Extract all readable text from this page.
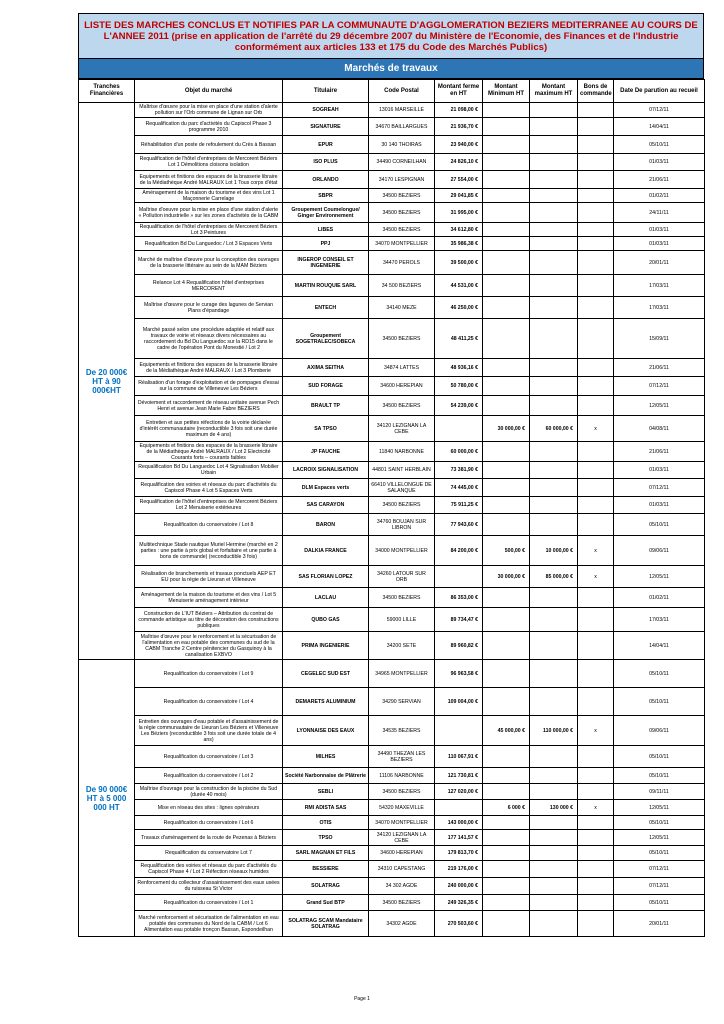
LISTE DES MARCHES CONCLUS ET NOTIFIES PAR LA COMMUNAUTE D'AGGLOMERATION BEZIERS MEDITERRANEE AU COURS DE L'ANNEE 2011 (prise en application de l'arrêté du 29 décembre 2007 du Ministère de l'Economie, des Finances et de l'Industrie conformément aux articles 133 et 175 du Code des Marchés Publics)
Marchés de travaux
Tranches Financières	Objet du marché	Titulaire	Code Postal	Montant ferme en HT	Montant Minimum HT	Montant maximum HT	Bons de commande	Date De parution au recueil
De 20 000€ HT à 90 000€HT	Maîtrise d'œuvre pour la mise en place d'une station d'alerte pollution sur l'Orb commune de Lignan sur Orb	SOGREAH	13016 MARSEILLE	21 098,00 €				07/12/11
	Requalification du parc d'activités du Capiscol Phase 3 programme 2010	SIGNATURE	34670 BAILLARGUES	21 936,70 €				14/04/11
	Réhabilitation d'un poste de refoulement du Crès à Bassan	EPUR	30 140 THOIRAS	23 940,00 €				05/10/11
	Requalification de l'hôtel d'entreprises de Mercorent Béziers Lot 1 Démolitions cloisons isolation	ISO PLUS	34490 CORNEILHAN	24 826,10 €				01/03/11
	Equipements et finitions des espaces de la brasserie libraire de la Médiathèque André MALRAUX Lot 1 Tous corps d'état	ORLANDO	34170 LESPIGNAN	27 554,00 €				21/06/11
	Aménagement de la maison du tourisme et des vins Lot 1 Maçonnerie Carrelage	SBPR	34500 BEZIERS	29 041,85 €				01/02/11
	Maîtrise d'oeuvre pour la mise en place d'une station d'alerte « Pollution industrielle » sur les zones d'activités de la CABM	Groupement Coumelongue/ Ginger Environnement	34500 BEZIERS	31 995,00 €				24/11/11
	Requalification de l'hôtel d'entreprises de Mercorent Béziers Lot 3 Peintures	LIBES	34500 BEZIERS	34 612,80 €				01/03/11
	Requalification Bd Du Languedoc / Lot 3 Espaces Verts	PPJ	34070 MONTPELLIER	35 986,38 €				01/03/11
	Marché de maîtrise d'œuvre pour la conception des ouvrages de la brasserie littéraire au sein de la MAM Béziers	INGEROP CONSEIL ET INGENIERIE	34470 PEROLS	39 500,00 €				20/01/11
	Relance Lot 4 Requalification hôtel d'entreprises MERCORENT	MARTIN ROUQUIE SARL	34 500 BEZIERS	44 531,00 €				17/03/11
	Maîtrise d'œuvre pour le curage des lagunes de Servian Plans d'épandage	ENTECH	34140 MEZE	46 250,00 €				17/03/11
	Marché passé selon une procédure adaptée et relatif aux travaux de voirie et réseaux divers nécessaires au raccordement du Bd Du Languedoc sur la RD15 dans le cadre de l'opération Pont du Monestié / Lot 2	Groupement SOGETRALEC/SOBECA	34500 BEZIERS	48 411,25 €				15/09/11
	Equipements et finitions des espaces de la brasserie libraire de la Médiathèque André MALRAUX / Lot 3 Plomberie	AXIMA SEITHA	34874 LATTES	48 936,16 €				21/06/11
	Réalisation d'un forage d'exploitation et de pompages d'essai sur la commune de Villeneuve Les Béziers	SUD FORAGE	34600 HEREPIAN	50 780,00 €				07/12/11
	Dévoiement et raccordement de réseau unitaire avenue Pech Henri et avenue Jean Marie Fabre BEZIERS	BRAULT TP	34500 BEZIERS	54 239,00 €				12/05/11
	Entretien et aux petites réfections de la voirie déclarée d'intérêt communautaire (reconductible 3 fois soit une durée maximum de 4 ans)	SA TPSO	34120 LEZIGNAN LA CEBE		30 000,00 €	60 000,00 €	x	04/08/11
	Equipements et finitions des espaces de la brasserie libraire de la Médiathèque André MALRAUX / Lot 2 Electricité Courants forts – courants faibles	JP FAUCHE	11840 NARBONNE	60 000,00 €				21/06/11
	Requalification Bd Du Languedoc Lot 4 Signalisation Mobilier Urbain	LACROIX SIGNALISATION	44801 SAINT HERBLAIN	73 381,90 €				01/03/11
	Requalification des voiries et réseaux du parc d'activités du Capiscol Phase 4 Lot 5 Espaces Verts	DLM Espaces verts	66410 VILLELONGUE DE SALANQUE	74 445,00 €				07/12/11
	Requalification de l'hôtel d'entreprises de Mercorent Béziers Lot 2 Menuiserie extérieures	SAS CARAYON	34500 BEZIERS	75 911,25 €				01/03/11
	Requalification du conservatoire / Lot 8	BARON	34760 BOUJAN SUR LIBRON	77 943,60 €				05/10/11
	Multitechnique Stade nautique Muriel Hermine (marché en 2 parties : une partie à prix global et forfaitaire et une partie à bons de commande) (reconductible 3 fois)	DALKIA FRANCE	34000 MONTPELLIER	84 200,00 €	500,00 €	10 000,00 €	x	09/06/11
	Réalisation de branchements et travaux ponctuels AEP ET EU pour la régie de Lieuran et Villeneuve	SAS FLORIAN LOPEZ	34260 LATOUR SUR ORB		30 000,00 €	85 000,00 €	x	12/05/11
	Aménagement de la maison du tourisme et des vins / Lot 5 Menuiserie aménagement intérieur	LACLAU	34500 BEZIERS	86 353,00 €				01/02/11
	Construction de L'IUT Béziers – Attribution du contrat de commande artistique au titre de décoration des constructions publiques	QUBO GAS	59000 LILLE	89 734,47 €				17/03/11
	Maîtrise d'œuvre pour le renforcement et la sécurisation de l'alimentation en eau potable des communes du sud de la CABM Tranche 2 Centre pénitencier du Gasquinoy à la canalisation EXBVO	PRIMA INGENIERIE	34200 SETE	89 960,82 €				14/04/11
De 90 000€ HT à 5 000 000 HT	Requalification du conservatoire / Lot 9	CEGELEC SUD EST	34965 MONTPELLIER	96 963,58 €				05/10/11
	Requalification du conservatoire / Lot 4	DEMARETS ALUMINIUM	34290 SERVIAN	109 004,00 €				05/10/11
	Entretien des ouvrages d'eau potable et d'assainissement de la régie communautaire de Lieuran Les Béziers et Villeneuve Les Béziers (reconductible 3 fois soit une durée totale de 4 ans)	LYONNAISE DES EAUX	34535 BEZIERS		45 000,00 €	110 000,00 €	x	09/06/11
	Requalification du conservatoire / Lot 3	MILHES	34490 THEZAN LES BEZIERS	110 067,91 €				05/10/11
	Requalification du conservatoire / Lot 2	Société Narbonnaise de Plâtrerie	11106 NARBONNE	121 730,81 €				05/10/11
	Maîtrise d'ouvrage pour la construction de la piscine du Sud (durée 40 mois)	SEBLI	34500 BEZIERS	127 020,00 €				09/11/11
	Mise en réseau des sites : lignes opérateurs	RMI ADISTA SAS	54320 MAXEVILLE		6 000 €	130 000 €	x	12/05/11
	Requalification du conservatoire / Lot 6	OTIS	34070 MONTPELLIER	143 000,00 €				05/10/11
	Travaux d'aménagement de la route de Pezenas à Béziers	TPSO	34120 LEZIGNAN LA CEBE	177 141,57 €				12/05/11
	Requalification du conservatoire Lot 7	SARL MAGNAN ET FILS	34600 HEREPIAN	179 813,70 €				05/10/11
	Requalification des voiries et réseaux du parc d'activités du Capiscol Phase 4 / Lot 2 Réfection réseaux humides	BESSIERE	34310 CAPESTANG	219 176,00 €				07/12/11
	Renforcement du collecteur d'assainissement des eaux usées du ruisseau St Victor	SOLATRAG	34 302 AGDE	240 000,00 €				07/12/11
	Requalification du conservatoire / Lot 1	Grand Sud BTP	34500 BEZIERS	249 326,35 €				05/10/11
	Marché renforcement et sécurisation de l'alimentation en eau potable des communes du Nord de la CABM / Lot 6 Alimentation eau potable tronçon Bassan, Espondeilhan	SOLATRAG SCAM Mandataire SOLATRAG	34302 AGDE	270 503,60 €				20/01/11
Page 1
